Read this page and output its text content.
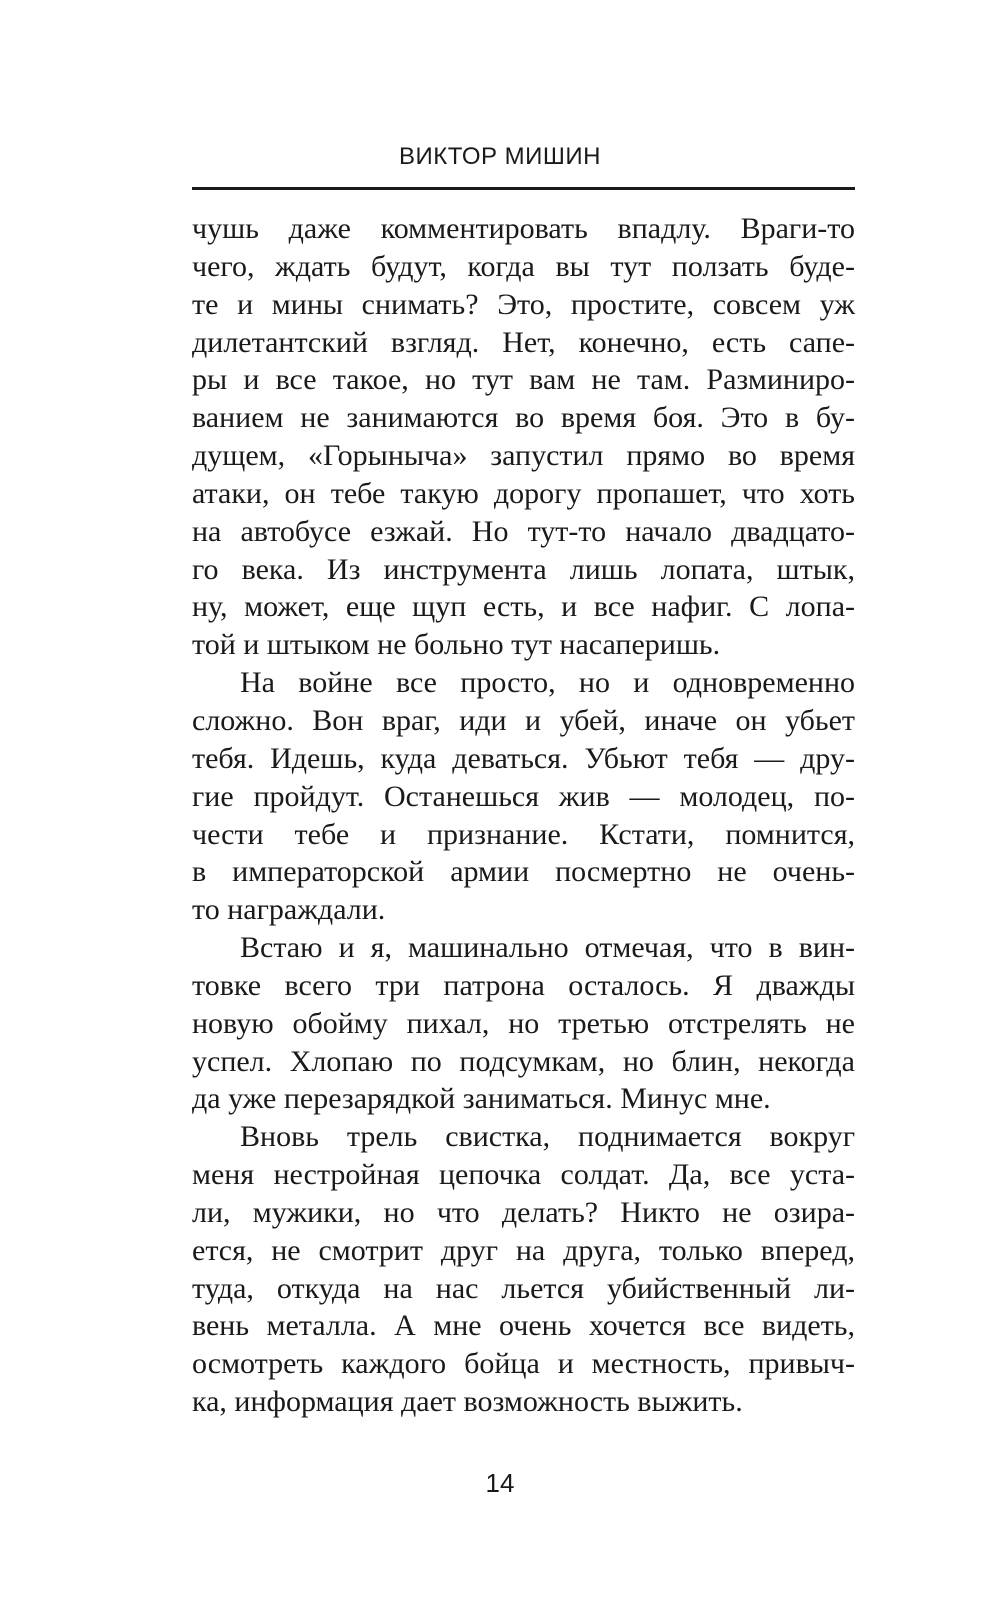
ВИКТОР МИШИН
чушь даже комментировать впадлу. Враги-то
чего, ждать будут, когда вы тут ползать буде-
те и мины снимать? Это, простите, совсем уж
дилетантский взгляд. Нет, конечно, есть сапе-
ры и все такое, но тут вам не там. Разминиро-
ванием не занимаются во время боя. Это в бу-
дущем, «Горыныча» запустил прямо во время
атаки, он тебе такую дорогу пропашет, что хоть
на автобусе езжай. Но тут-то начало двадцато-
го века. Из инструмента лишь лопата, штык,
ну, может, еще щуп есть, и все нафиг. С лопа-
той и штыком не больно тут насаперишь.
На войне все просто, но и одновременно
сложно. Вон враг, иди и убей, иначе он убьет
тебя. Идешь, куда деваться. Убьют тебя — дру-
гие пройдут. Останешься жив — молодец, по-
чести тебе и признание. Кстати, помнится,
в императорской армии посмертно не очень-
то награждали.
Встаю и я, машинально отмечая, что в вин-
товке всего три патрона осталось. Я дважды
новую обойму пихал, но третью отстрелять не
успел. Хлопаю по подсумкам, но блин, некогда
да уже перезарядкой заниматься. Минус мне.
Вновь трель свистка, поднимается вокруг
меня нестройная цепочка солдат. Да, все уста-
ли, мужики, но что делать? Никто не озира-
ется, не смотрит друг на друга, только вперед,
туда, откуда на нас льется убийственный ли-
вень металла. А мне очень хочется все видеть,
осмотреть каждого бойца и местность, привыч-
ка, информация дает возможность выжить.
14
